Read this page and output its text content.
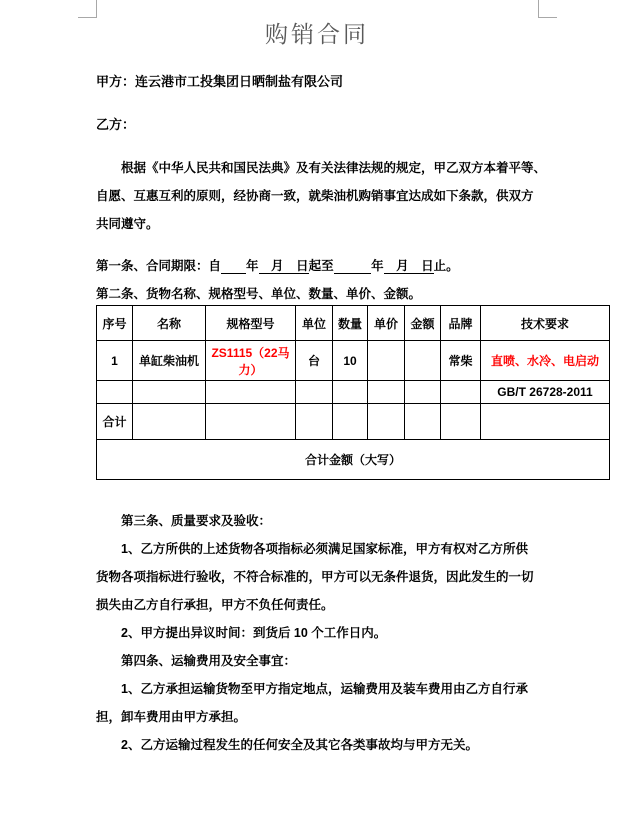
购销合同
甲方：连云港市工投集团日晒制盐有限公司
乙方：
根据《中华人民共和国民法典》及有关法律法规的规定，甲乙双方本着平等、
自愿、互惠互利的原则，经协商一致，就柴油机购销事宜达成如下条款，供双方
共同遵守。
第一条、合同期限：自　　 年　月　日起至　　　	年　月　日止。
第二条、货物名称、规格型号、单位、数量、单价、金额。
序号	名称	规格型号	单位	数量	单价	金额	品牌	技术要求
1	单缸柴油机	ZS1115（22马力）	台	10			常柴	直喷、水冷、电启动
								GB/T 26728-2011
合计								
合计金额（大写）								
第三条、质量要求及验收：
1、乙方所供的上述货物各项指标必须满足国家标准，甲方有权对乙方所供
货物各项指标进行验收，不符合标准的，甲方可以无条件退货，因此发生的一切
损失由乙方自行承担，甲方不负任何责任。
2、甲方提出异议时间：到货后 10 个工作日内。
第四条、运输费用及安全事宜：
1、乙方承担运输货物至甲方指定地点，运输费用及装车费用由乙方自行承
担，卸车费用由甲方承担。
2、乙方运输过程发生的任何安全及其它各类事故均与甲方无关。
